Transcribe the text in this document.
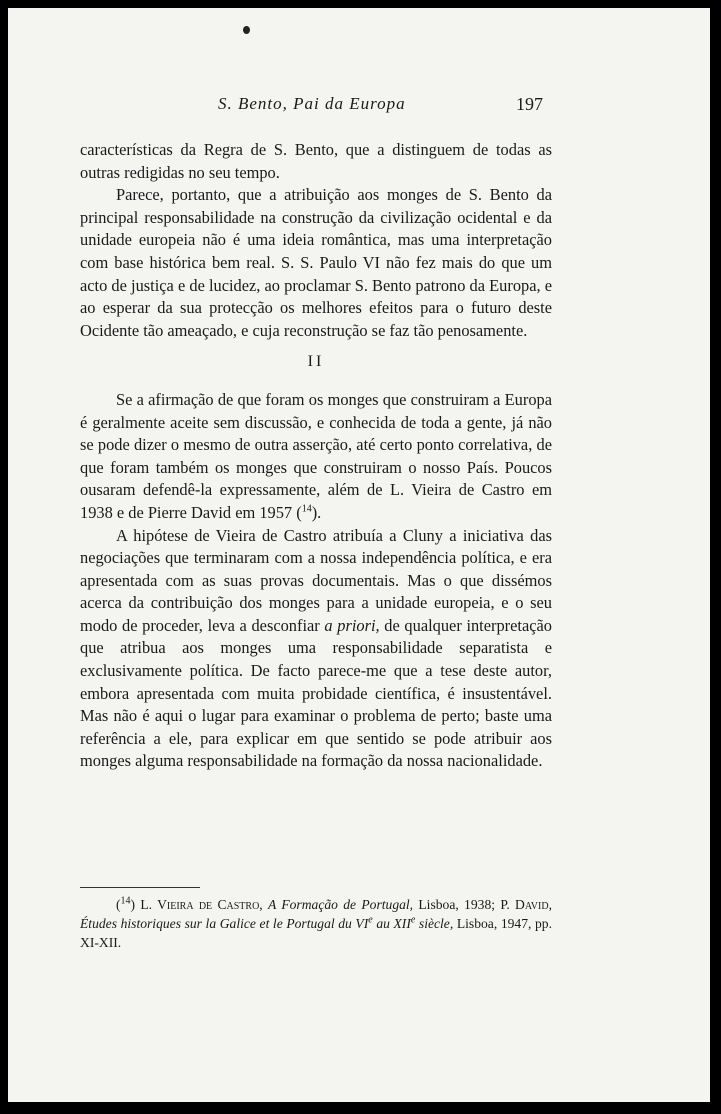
S. Bento, Pai da Europa	197

características da Regra de S. Bento, que a distinguem de todas as outras redigidas no seu tempo.

Parece, portanto, que a atribuição aos monges de S. Bento da principal responsabilidade na construção da civilização ocidental e da unidade europeia não é uma ideia romântica, mas uma interpretação com base histórica bem real. S. S. Paulo VI não fez mais do que um acto de justiça e de lucidez, ao proclamar S. Bento patrono da Europa, e ao esperar da sua protecção os melhores efeitos para o futuro deste Ocidente tão ameaçado, e cuja reconstrução se faz tão penosamente.

II

Se a afirmação de que foram os monges que construiram a Europa é geralmente aceite sem discussão, e conhecida de toda a gente, já não se pode dizer o mesmo de outra asserção, até certo ponto correlativa, de que foram também os monges que construiram o nosso País. Poucos ousaram defendê-la expressamente, além de L. Vieira de Castro em 1938 e de Pierre David em 1957 ($^{14}$).

A hipótese de Vieira de Castro atribuía a Cluny a iniciativa das negociações que terminaram com a nossa independência política, e era apresentada com as suas provas documentais. Mas o que dissémos acerca da contribuição dos monges para a unidade europeia, e o seu modo de proceder, leva a desconfiar a priori, de qualquer interpretação que atribua aos monges uma responsabilidade separatista e exclusivamente política. De facto parece-me que a tese deste autor, embora apresentada com muita probidade científica, é insustentável. Mas não é aqui o lugar para examinar o problema de perto; baste uma referência a ele, para explicar em que sentido se pode atribuir aos monges alguma responsabilidade na formação da nossa nacionalidade.

($^{14}$) L. Vieira de Castro, A Formação de Portugal, Lisboa, 1938; P. David, Études historiques sur la Galice et le Portugal du VIe au XIIe siècle, Lisboa, 1947, pp. XI-XII.
